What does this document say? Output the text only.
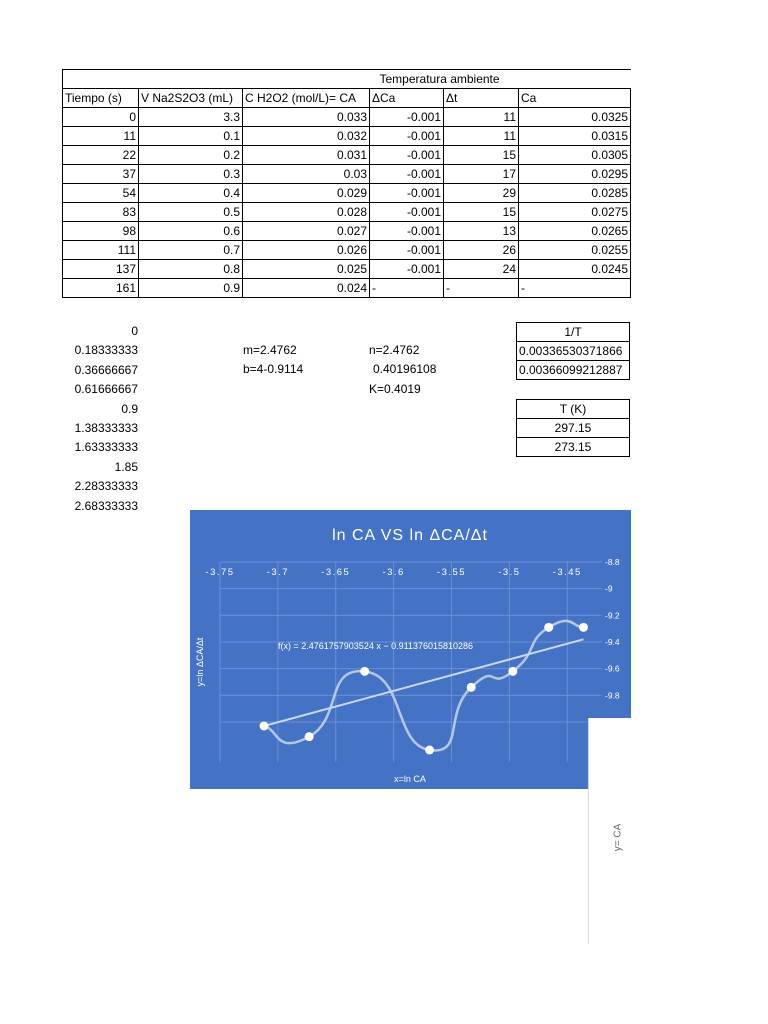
			Temperatura ambiente		
Tiempo (s)	V Na2S2O3 (mL)	C H2O2 (mol/L)= CA	ΔCa	Δt	Ca
0	3.3	0.033	-0.001	11	0.0325
11	0.1	0.032	-0.001	11	0.0315
22	0.2	0.031	-0.001	15	0.0305
37	0.3	0.03	-0.001	17	0.0295
54	0.4	0.029	-0.001	29	0.0285
83	0.5	0.028	-0.001	15	0.0275
98	0.6	0.027	-0.001	13	0.0265
111	0.7	0.026	-0.001	26	0.0255
137	0.8	0.025	-0.001	24	0.0245
161	0.9	0.024	-	-	-
0
0.18333333
0.36666667
0.61666667
0.9
1.38333333
1.63333333
1.85
2.28333333
2.68333333
m=2.4762
b=4-0.9114
n=2.4762
0.40196108
K=0.4019
1/T
0.00336530371866
0.00366099212887
T (K)
297.15
273.15
-3.75	-3.7	-3.65	-3.6	-3.55	-3.5	-3.45
-8.8
-9
-9.2
-9.4
-9.6
-9.8
ln CA VS ln ΔCA/Δt
x=ln CA
y=ln ΔCA/Δt	f(x) = 2.4761757903524 x − 0.911376015810286
y= CA
